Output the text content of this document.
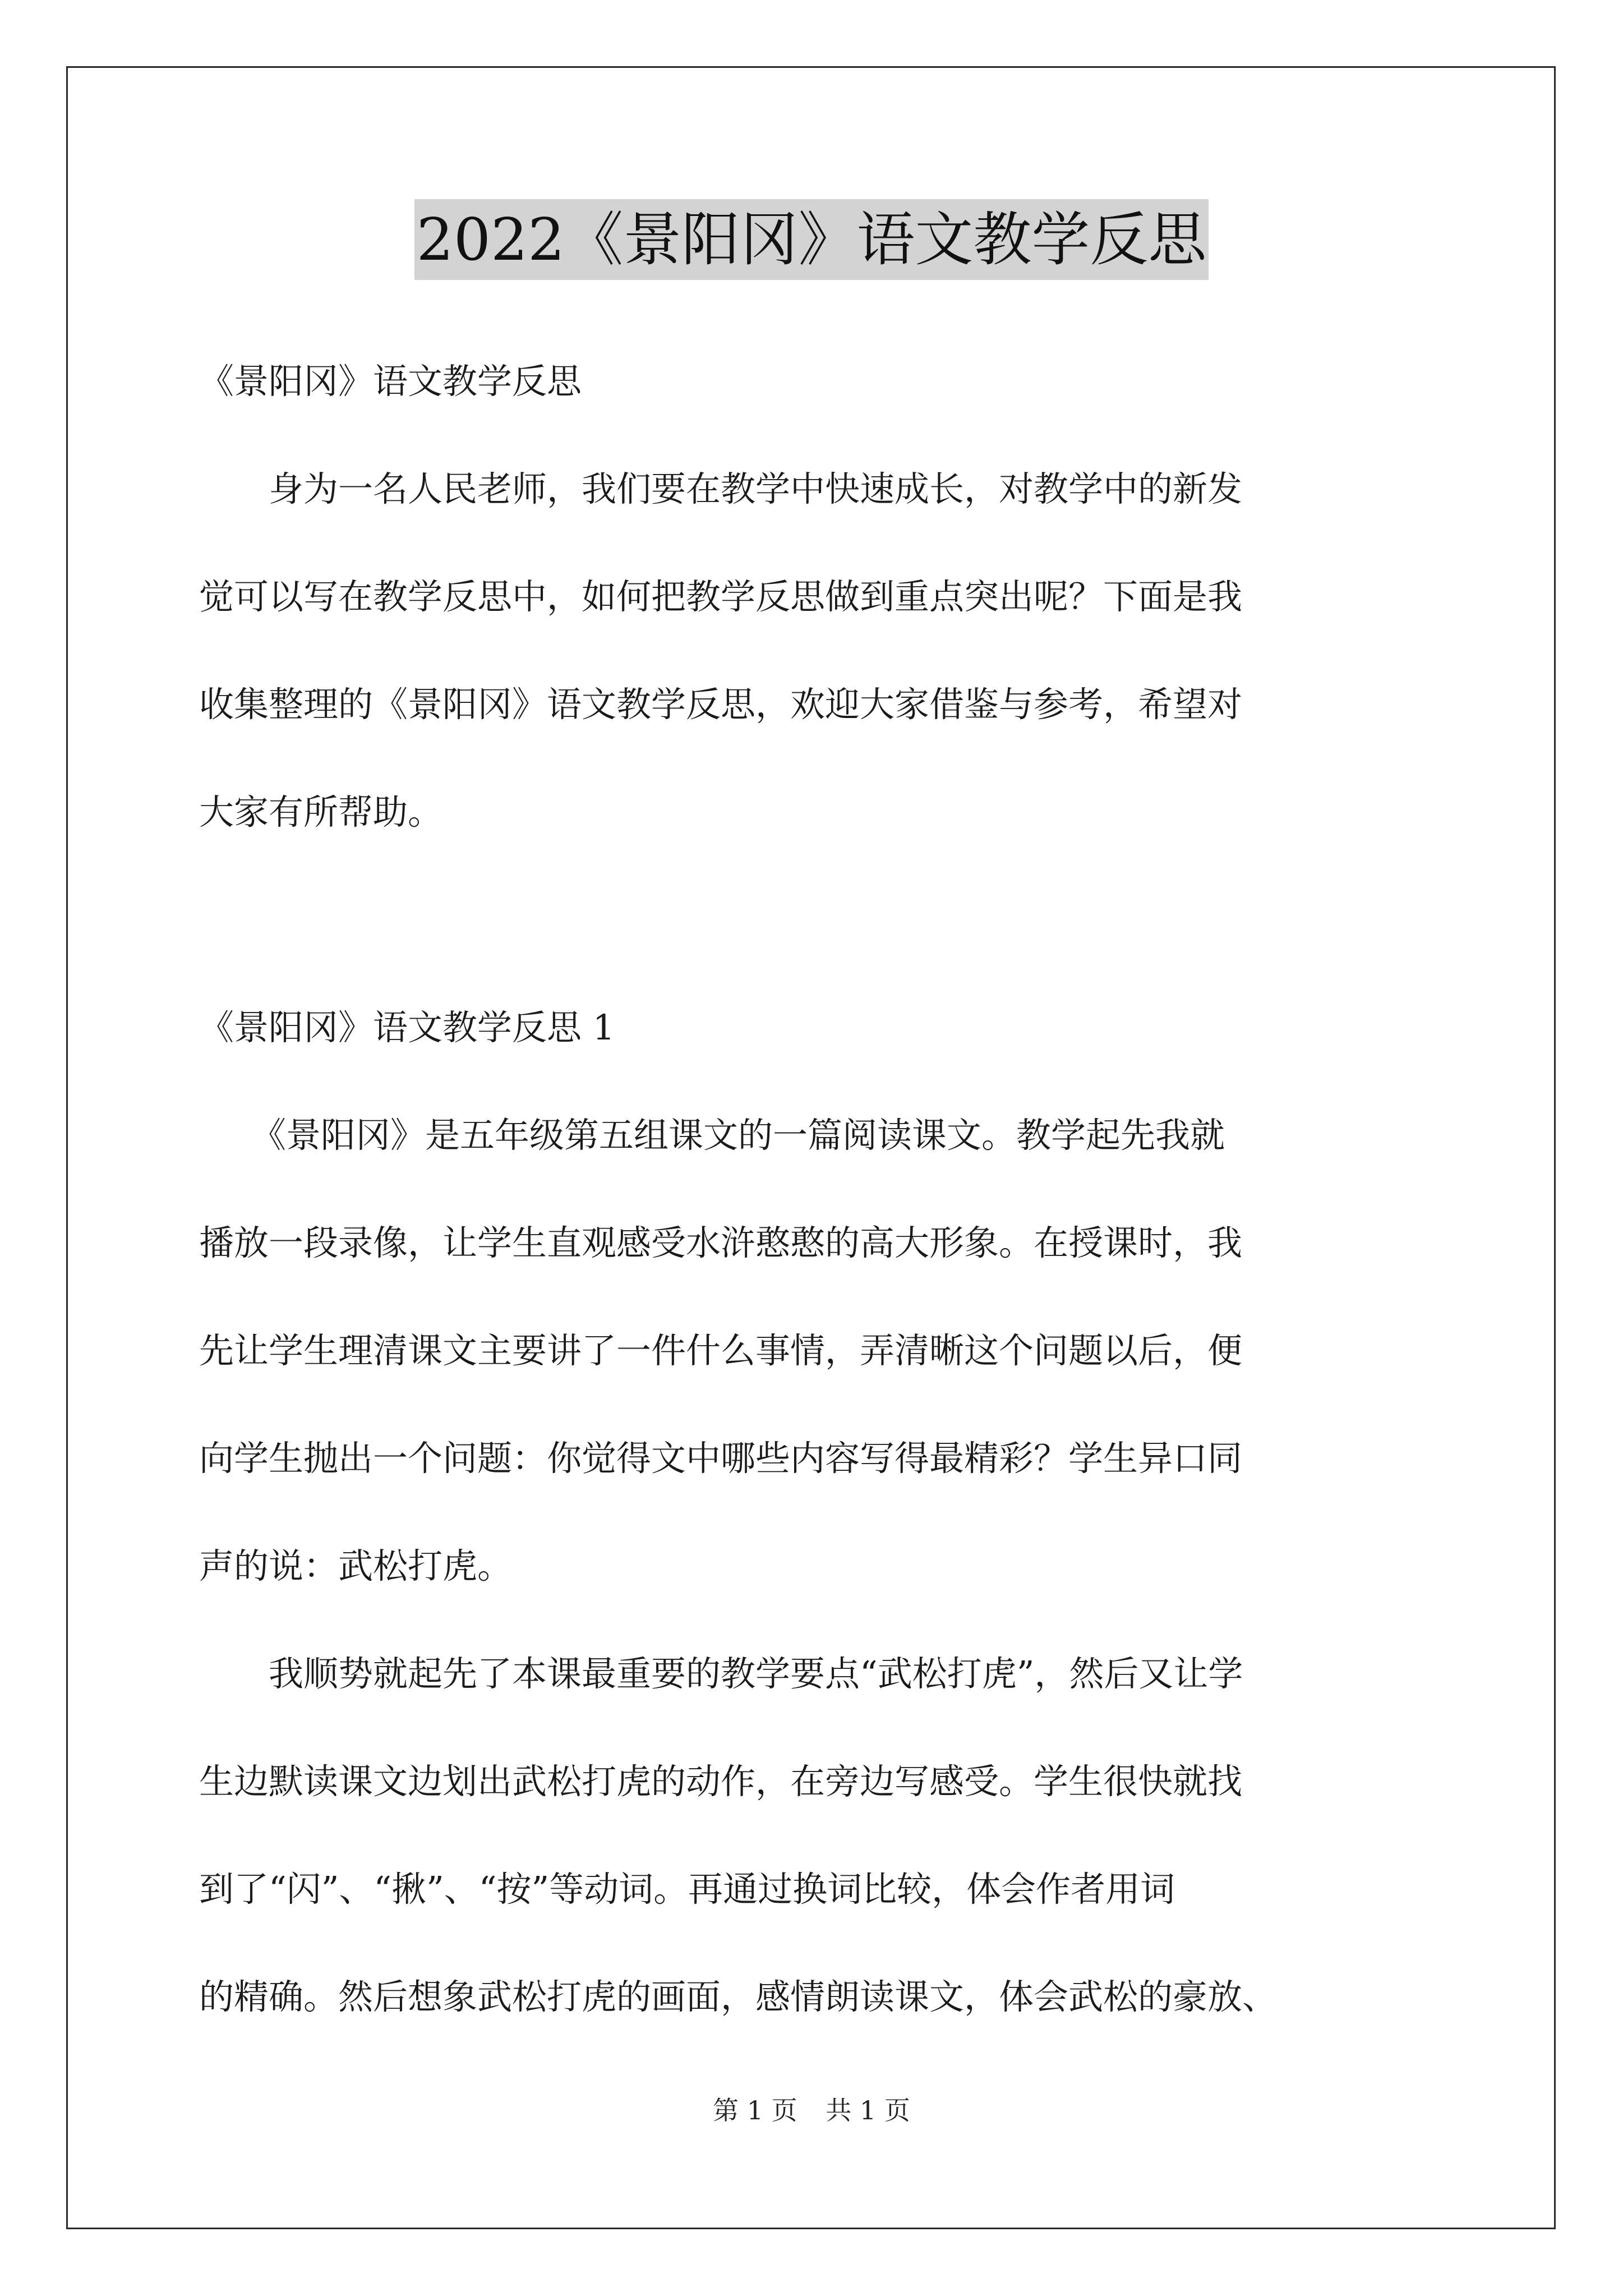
2022《景阳冈》语文教学反思
《景阳冈》语文教学反思
　　身为一名人民老师，我们要在教学中快速成长，对教学中的新发
觉可以写在教学反思中，如何把教学反思做到重点突出呢？下面是我
收集整理的《景阳冈》语文教学反思，欢迎大家借鉴与参考，希望对
大家有所帮助。
《景阳冈》语文教学反思 1
　　《景阳冈》是五年级第五组课文的一篇阅读课文。教学起先我就
播放一段录像，让学生直观感受水浒憨憨的高大形象。在授课时，我
先让学生理清课文主要讲了一件什么事情，弄清晰这个问题以后，便
向学生抛出一个问题：你觉得文中哪些内容写得最精彩？学生异口同
声的说：武松打虎。
　　我顺势就起先了本课最重要的教学要点“武松打虎”，然后又让学
生边默读课文边划出武松打虎的动作，在旁边写感受。学生很快就找
到了“闪”、“揪”、“按”等动词。再通过换词比较，体会作者用词
的精确。然后想象武松打虎的画面，感情朗读课文，体会武松的豪放、
第 1 页 共 1 页
